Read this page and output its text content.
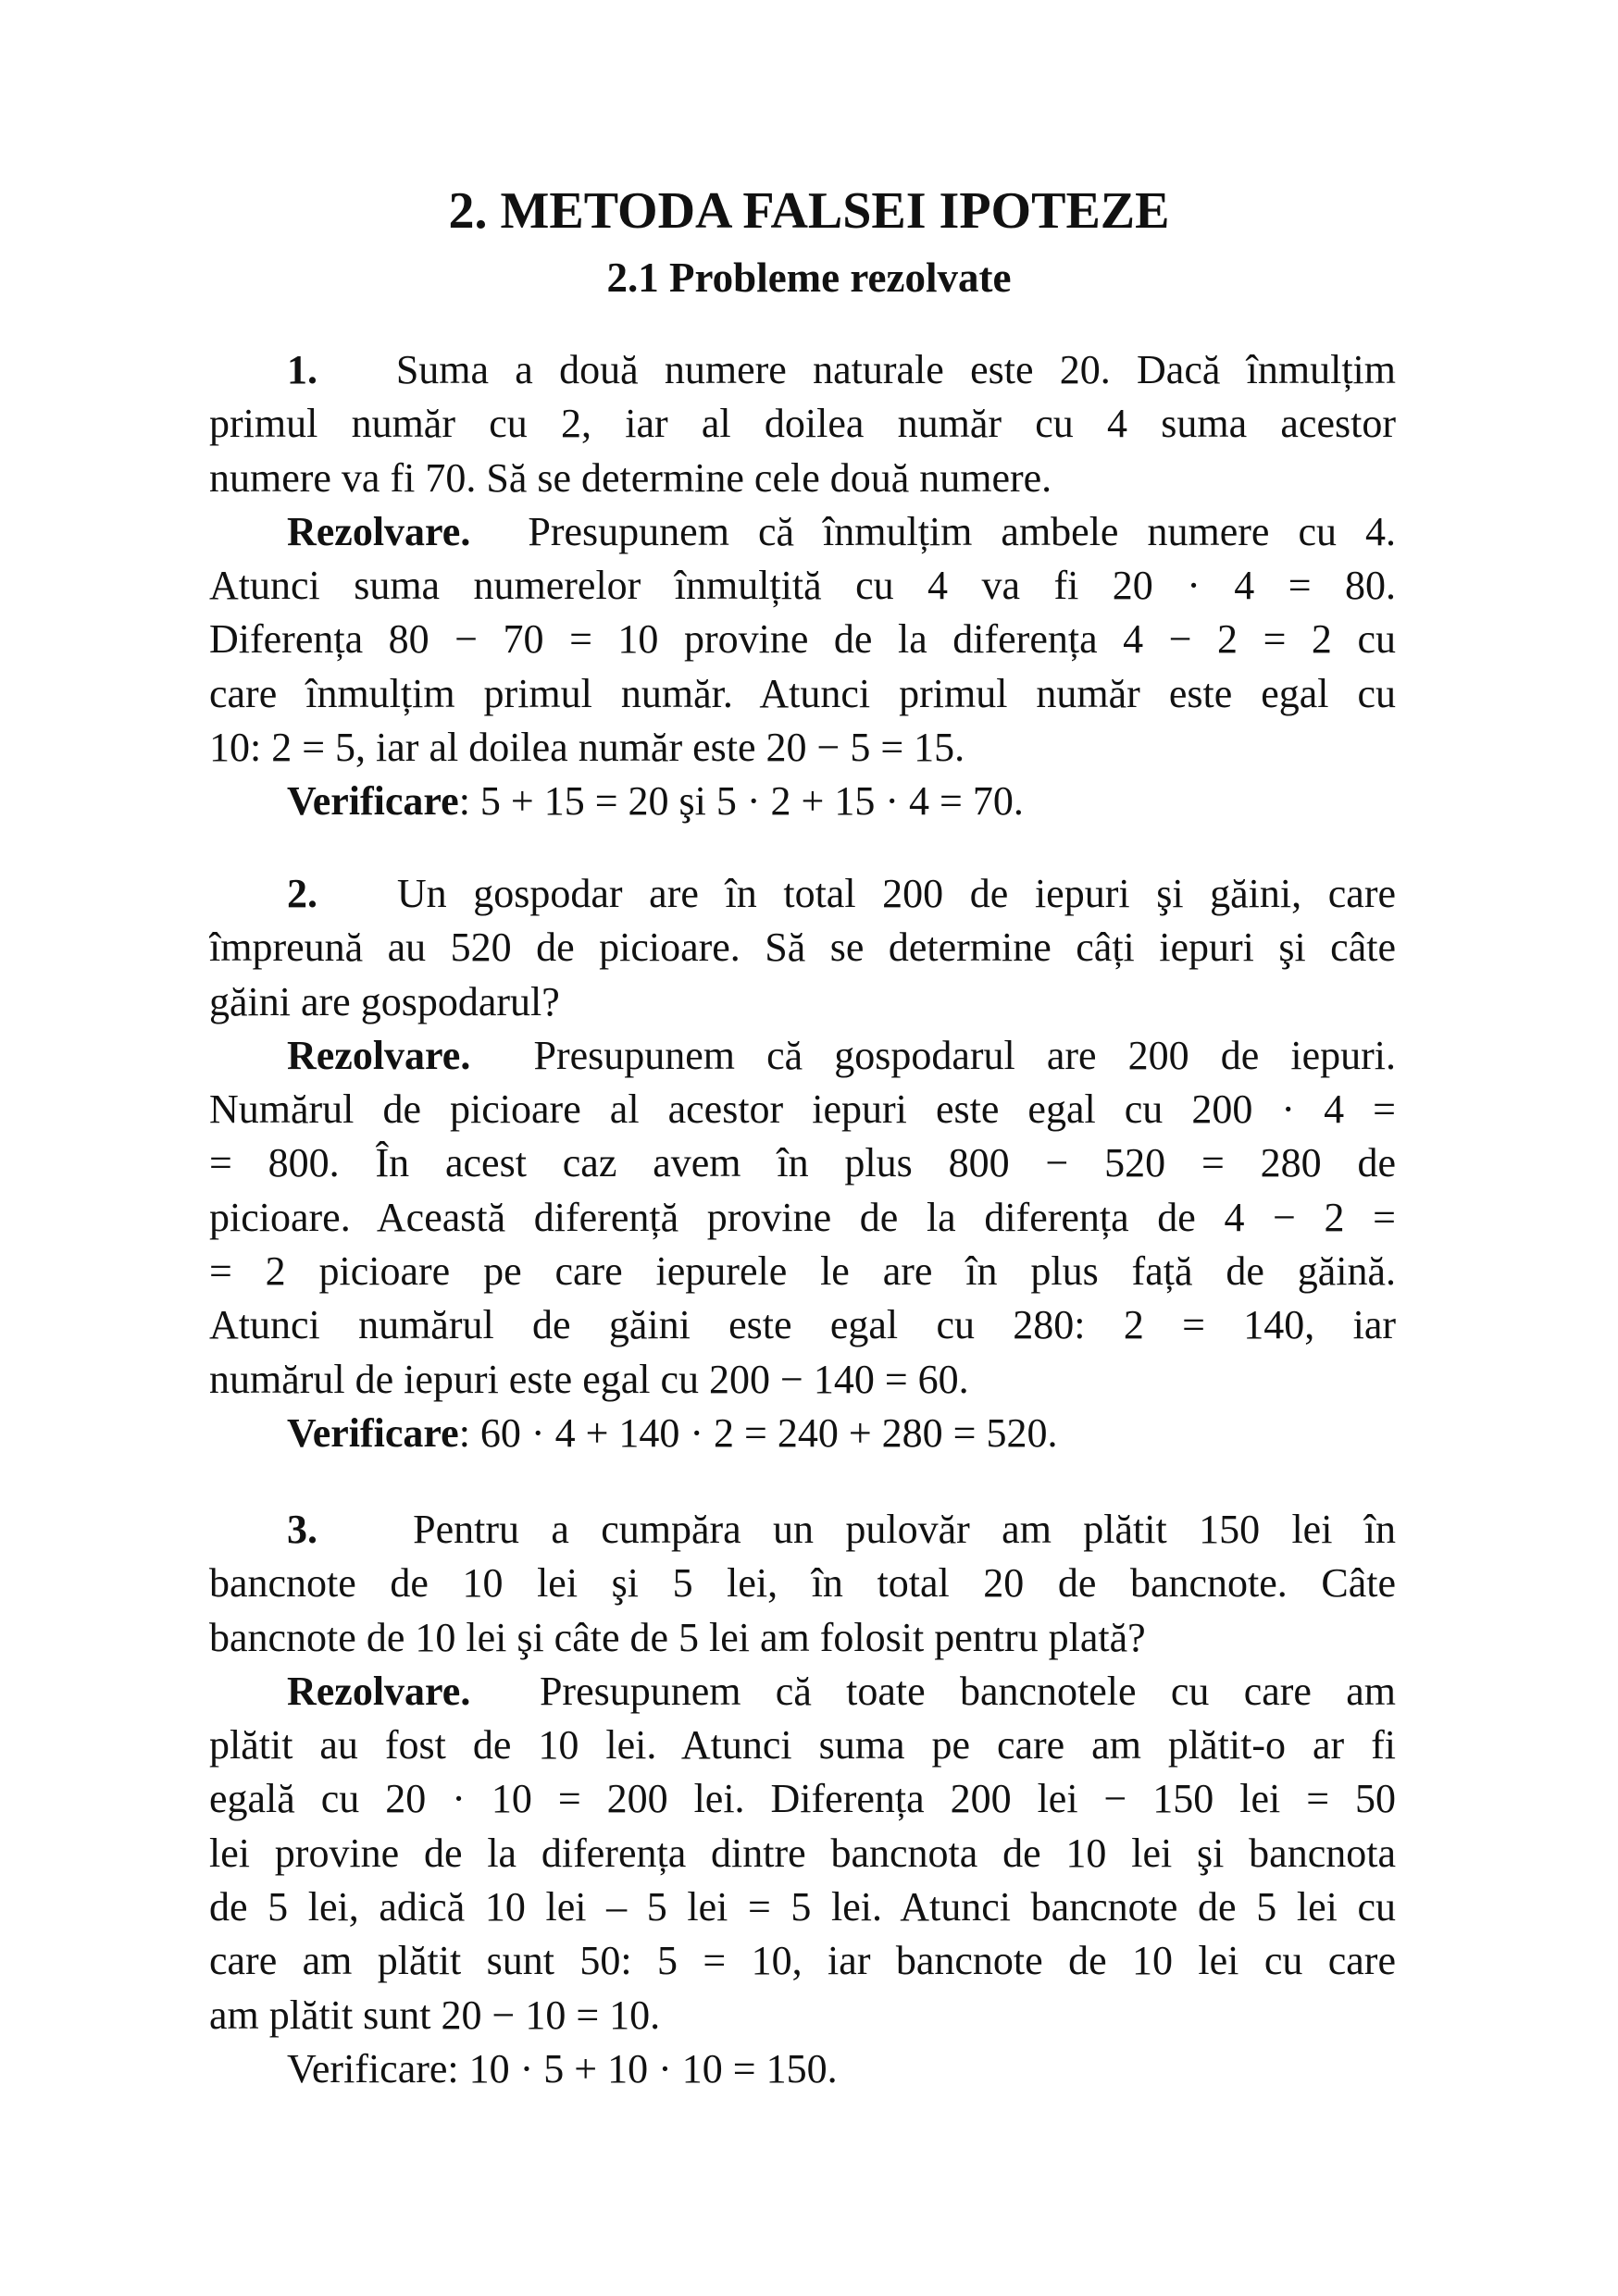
2. METODA FALSEI IPOTEZE
2.1 Probleme rezolvate
1. Suma a două numere naturale este 20. Dacă înmulțim
primul număr cu 2, iar al doilea număr cu 4 suma acestor
numere va fi 70. Să se determine cele două numere.
Rezolvare. Presupunem că înmulțim ambele numere cu 4.
Atunci suma numerelor înmulțită cu 4 va fi 20 · 4 = 80.
Diferența 80 − 70 = 10 provine de la diferența 4 − 2 = 2 cu
care înmulțim primul număr. Atunci primul număr este egal cu
10: 2 = 5, iar al doilea număr este 20 − 5 = 15.
Verificare: 5 + 15 = 20 şi 5 · 2 + 15 · 4 = 70.
2. Un gospodar are în total 200 de iepuri şi găini, care
împreună au 520 de picioare. Să se determine câți iepuri şi câte
găini are gospodarul?
Rezolvare. Presupunem că gospodarul are 200 de iepuri.
Numărul de picioare al acestor iepuri este egal cu 200 · 4 =
= 800. În acest caz avem în plus 800 − 520 = 280 de
picioare. Această diferență provine de la diferența de 4 − 2 =
= 2 picioare pe care iepurele le are în plus față de găină.
Atunci numărul de găini este egal cu 280: 2 = 140, iar
numărul de iepuri este egal cu 200 − 140 = 60.
Verificare: 60 · 4 + 140 · 2 = 240 + 280 = 520.
3. Pentru a cumpăra un pulovăr am plătit 150 lei în
bancnote de 10 lei şi 5 lei, în total 20 de bancnote. Câte
bancnote de 10 lei şi câte de 5 lei am folosit pentru plată?
Rezolvare. Presupunem că toate bancnotele cu care am
plătit au fost de 10 lei. Atunci suma pe care am plătit-o ar fi
egală cu 20 · 10 = 200 lei. Diferența 200 lei − 150 lei = 50
lei provine de la diferența dintre bancnota de 10 lei şi bancnota
de 5 lei, adică 10 lei – 5 lei = 5 lei. Atunci bancnote de 5 lei cu
care am plătit sunt 50: 5 = 10, iar bancnote de 10 lei cu care
am plătit sunt 20 − 10 = 10.
Verificare: 10 · 5 + 10 · 10 = 150.
